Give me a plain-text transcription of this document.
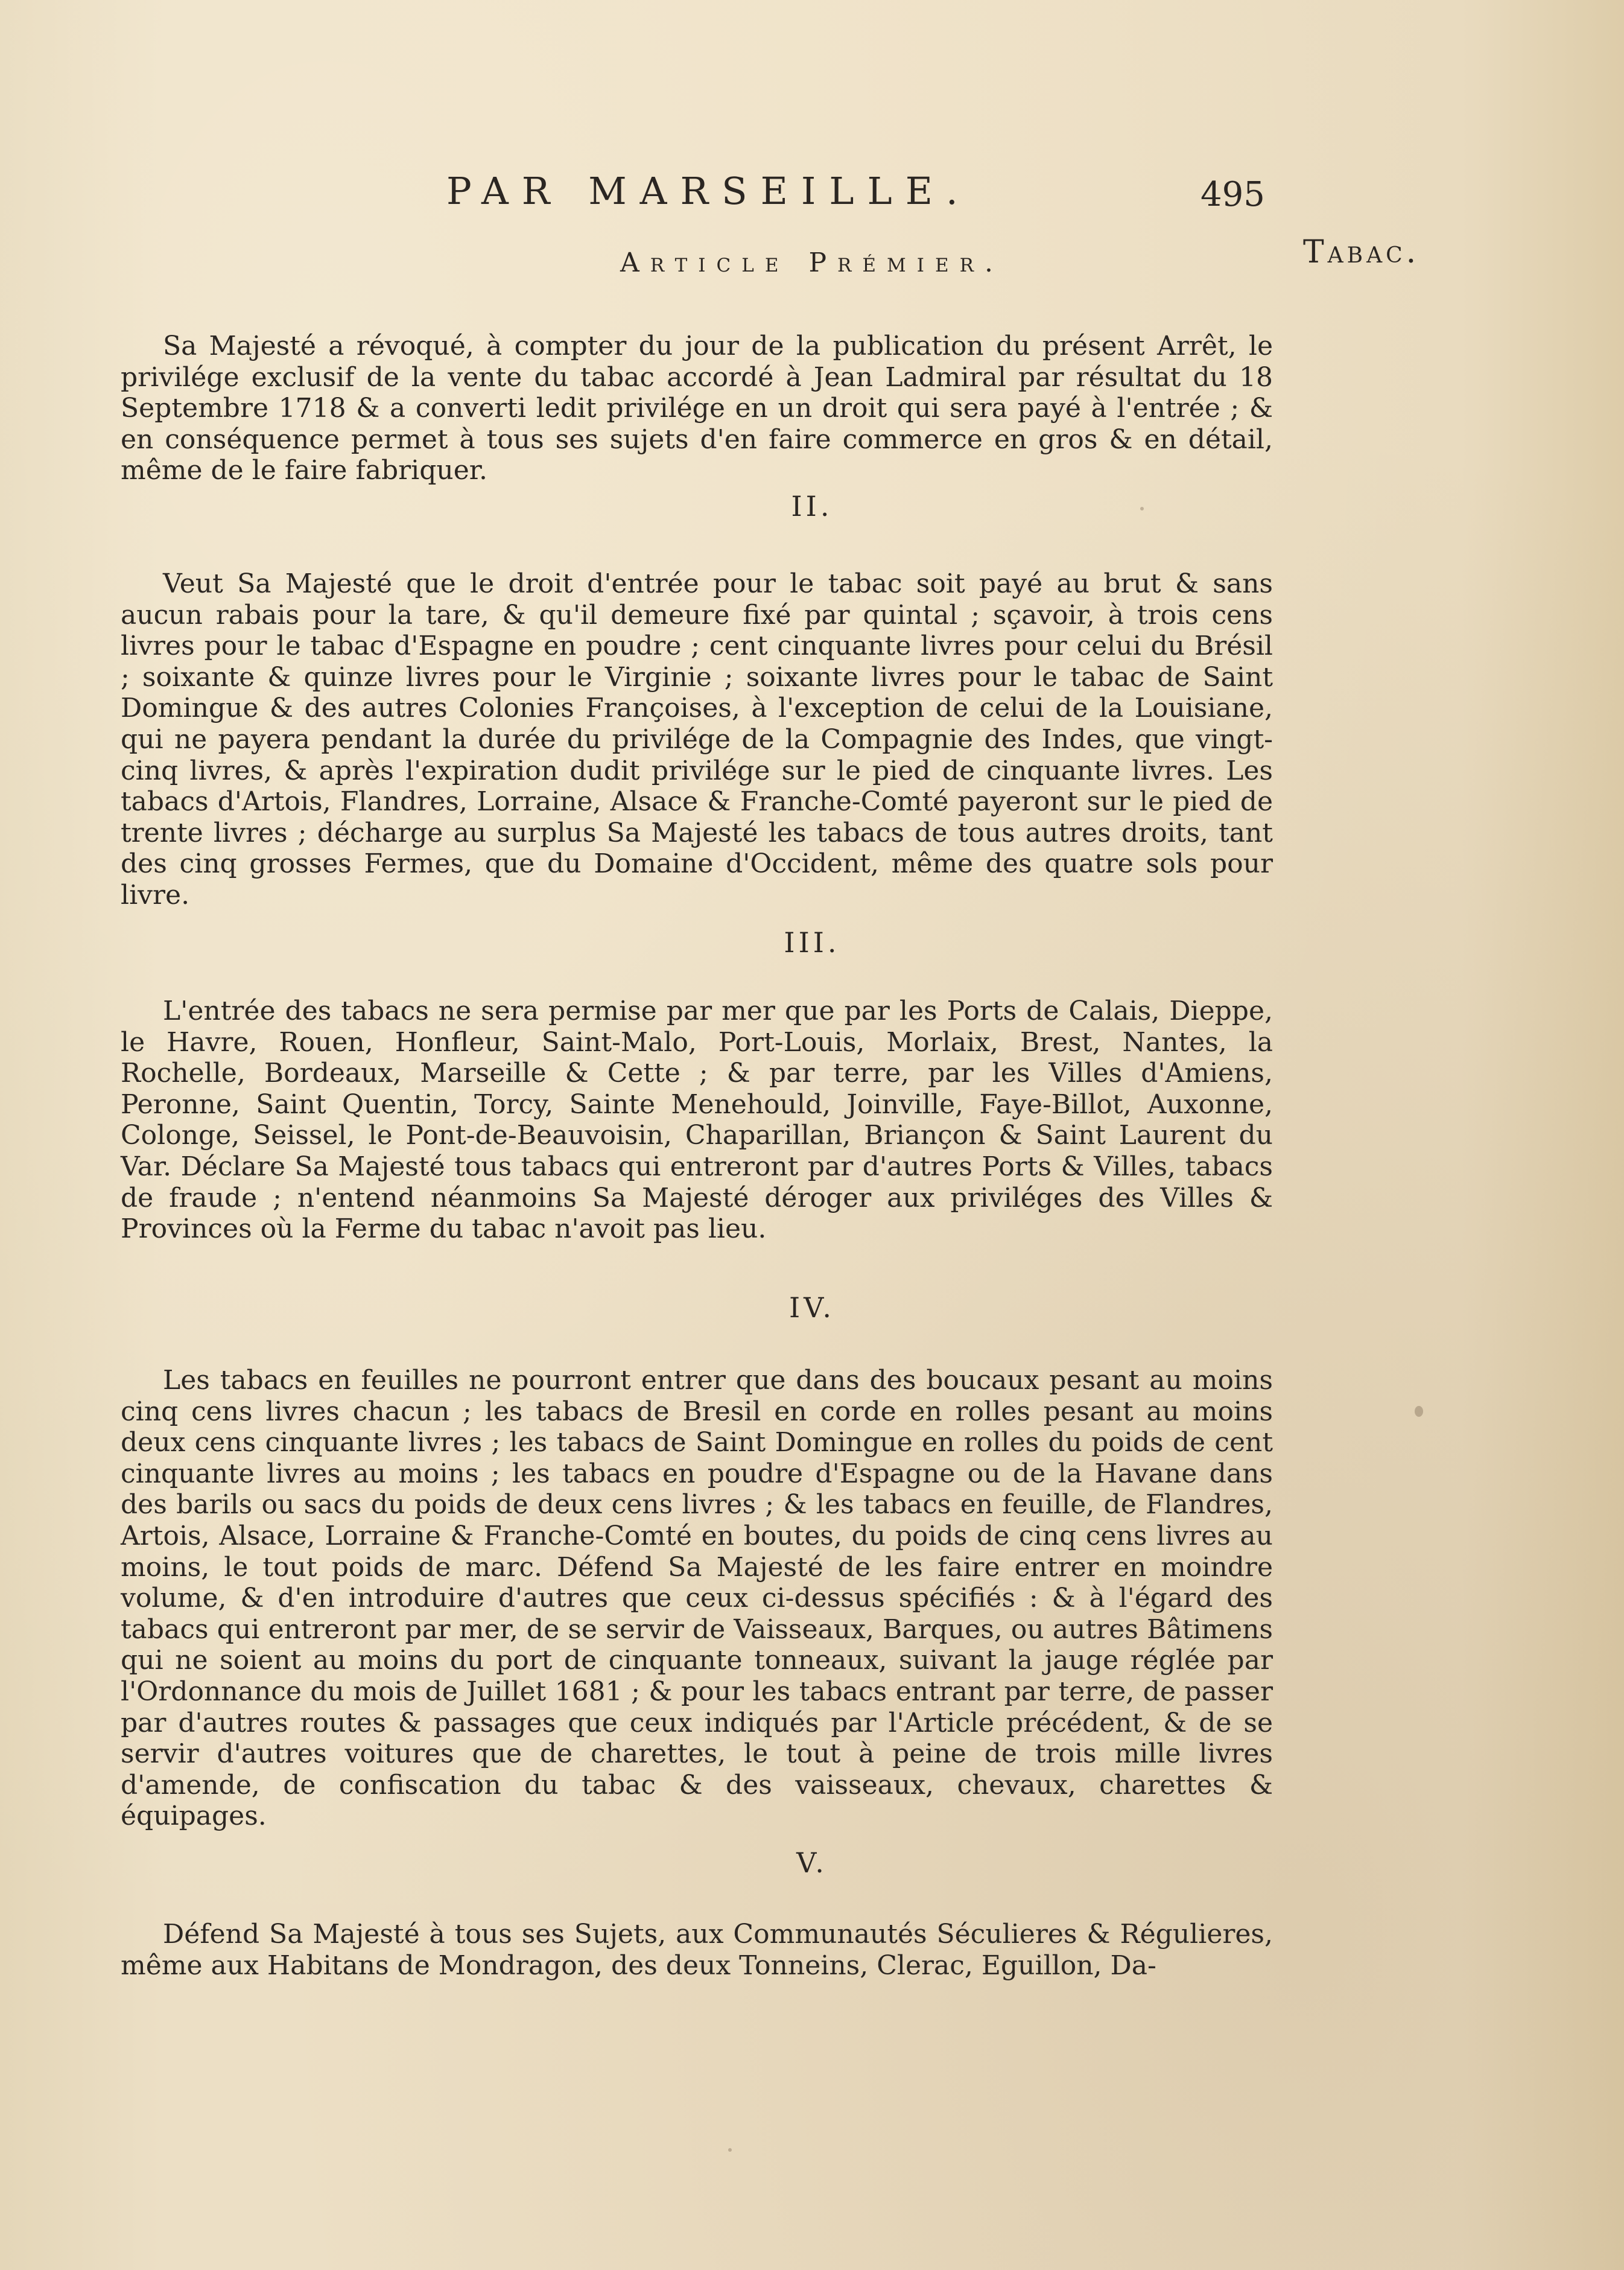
PAR MARSEILLE.	495
Tabac.
Article Prémier.

Sa Majesté a révoqué, à compter du jour de la publication du présent Arrêt, le privilége exclusif de la vente du tabac accordé à Jean Ladmiral par résultat du 18 Septembre 1718 & a converti ledit privilége en un droit qui sera payé à l'entrée ; & en conséquence permet à tous ses sujets d'en faire commerce en gros & en détail, même de le faire fabriquer.

II.

Veut Sa Majesté que le droit d'entrée pour le tabac soit payé au brut & sans aucun rabais pour la tare, & qu'il demeure fixé par quintal ; sçavoir, à trois cens livres pour le tabac d'Espagne en poudre ; cent cinquante livres pour celui du Brésil ; soixante & quinze livres pour le Virginie ; soixante livres pour le tabac de Saint Domingue & des autres Colonies Françoises, à l'exception de celui de la Louisiane, qui ne payera pendant la durée du privilége de la Compagnie des Indes, que vingt-cinq livres, & après l'expiration dudit privilége sur le pied de cinquante livres. Les tabacs d'Artois, Flandres, Lorraine, Alsace & Franche-Comté payeront sur le pied de trente livres ; décharge au surplus Sa Majesté les tabacs de tous autres droits, tant des cinq grosses Fermes, que du Domaine d'Occident, même des quatre sols pour livre.

III.

L'entrée des tabacs ne sera permise par mer que par les Ports de Calais, Dieppe, le Havre, Rouen, Honfleur, Saint-Malo, Port-Louis, Morlaix, Brest, Nantes, la Rochelle, Bordeaux, Marseille & Cette ; & par terre, par les Villes d'Amiens, Peronne, Saint Quentin, Torcy, Sainte Menehould, Joinville, Faye-Billot, Auxonne, Colonge, Seissel, le Pont-de-Beauvoisin, Chaparillan, Briançon & Saint Laurent du Var. Déclare Sa Majesté tous tabacs qui entreront par d'autres Ports & Villes, tabacs de fraude ; n'entend néanmoins Sa Majesté déroger aux priviléges des Villes & Provinces où la Ferme du tabac n'avoit pas lieu.

IV.

Les tabacs en feuilles ne pourront entrer que dans des boucaux pesant au moins cinq cens livres chacun ; les tabacs de Bresil en corde en rolles pesant au moins deux cens cinquante livres ; les tabacs de Saint Domingue en rolles du poids de cent cinquante livres au moins ; les tabacs en poudre d'Espagne ou de la Havane dans des barils ou sacs du poids de deux cens livres ; & les tabacs en feuille, de Flandres, Artois, Alsace, Lorraine & Franche-Comté en boutes, du poids de cinq cens livres au moins, le tout poids de marc. Défend Sa Majesté de les faire entrer en moindre volume, & d'en introduire d'autres que ceux ci-dessus spécifiés : & à l'égard des tabacs qui entreront par mer, de se servir de Vaisseaux, Barques, ou autres Bâtimens qui ne soient au moins du port de cinquante tonneaux, suivant la jauge réglée par l'Ordonnance du mois de Juillet 1681 ; & pour les tabacs entrant par terre, de passer par d'autres routes & passages que ceux indiqués par l'Article précédent, & de se servir d'autres voitures que de charettes, le tout à peine de trois mille livres d'amende, de confiscation du tabac & des vaisseaux, chevaux, charettes & équipages.

V.

Défend Sa Majesté à tous ses Sujets, aux Communautés Séculieres & Régulieres, même aux Habitans de Mondragon, des deux Tonneins, Clerac, Eguillon, Da-
